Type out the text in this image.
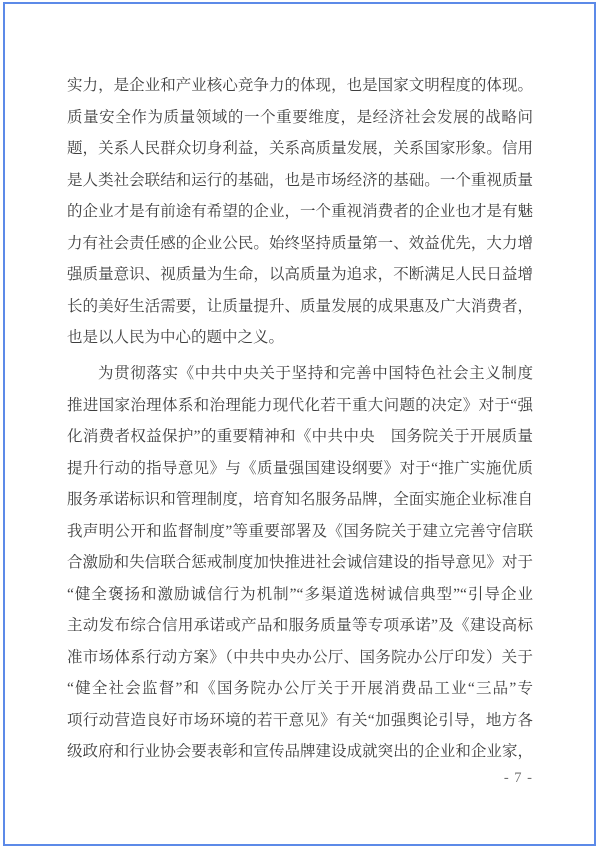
实力，是企业和产业核心竞争力的体现，也是国家文明程度的体现。
质量安全作为质量领域的一个重要维度，是经济社会发展的战略问
题，关系人民群众切身利益，关系高质量发展，关系国家形象。信用
是人类社会联结和运行的基础，也是市场经济的基础。一个重视质量
的企业才是有前途有希望的企业，一个重视消费者的企业也才是有魅
力有社会责任感的企业公民。始终坚持质量第一、效益优先，大力增
强质量意识、视质量为生命，以高质量为追求，不断满足人民日益增
长的美好生活需要，让质量提升、质量发展的成果惠及广大消费者，
也是以人民为中心的题中之义。
为贯彻落实《中共中央关于坚持和完善中国特色社会主义制度
推进国家治理体系和治理能力现代化若干重大问题的决定》对于“强
化消费者权益保护”的重要精神和《中共中央　国务院关于开展质量
提升行动的指导意见》与《质量强国建设纲要》对于“推广实施优质
服务承诺标识和管理制度，培育知名服务品牌，全面实施企业标准自
我声明公开和监督制度”等重要部署及《国务院关于建立完善守信联
合激励和失信联合惩戒制度加快推进社会诚信建设的指导意见》对于
“健全褒扬和激励诚信行为机制”“多渠道选树诚信典型”“引导企业
主动发布综合信用承诺或产品和服务质量等专项承诺”及《建设高标
准市场体系行动方案》（中共中央办公厅、国务院办公厅印发）关于
“健全社会监督”和《国务院办公厅关于开展消费品工业“三品”专
项行动营造良好市场环境的若干意见》有关“加强舆论引导，地方各
级政府和行业协会要表彰和宣传品牌建设成就突出的企业和企业家，
- 7 -
